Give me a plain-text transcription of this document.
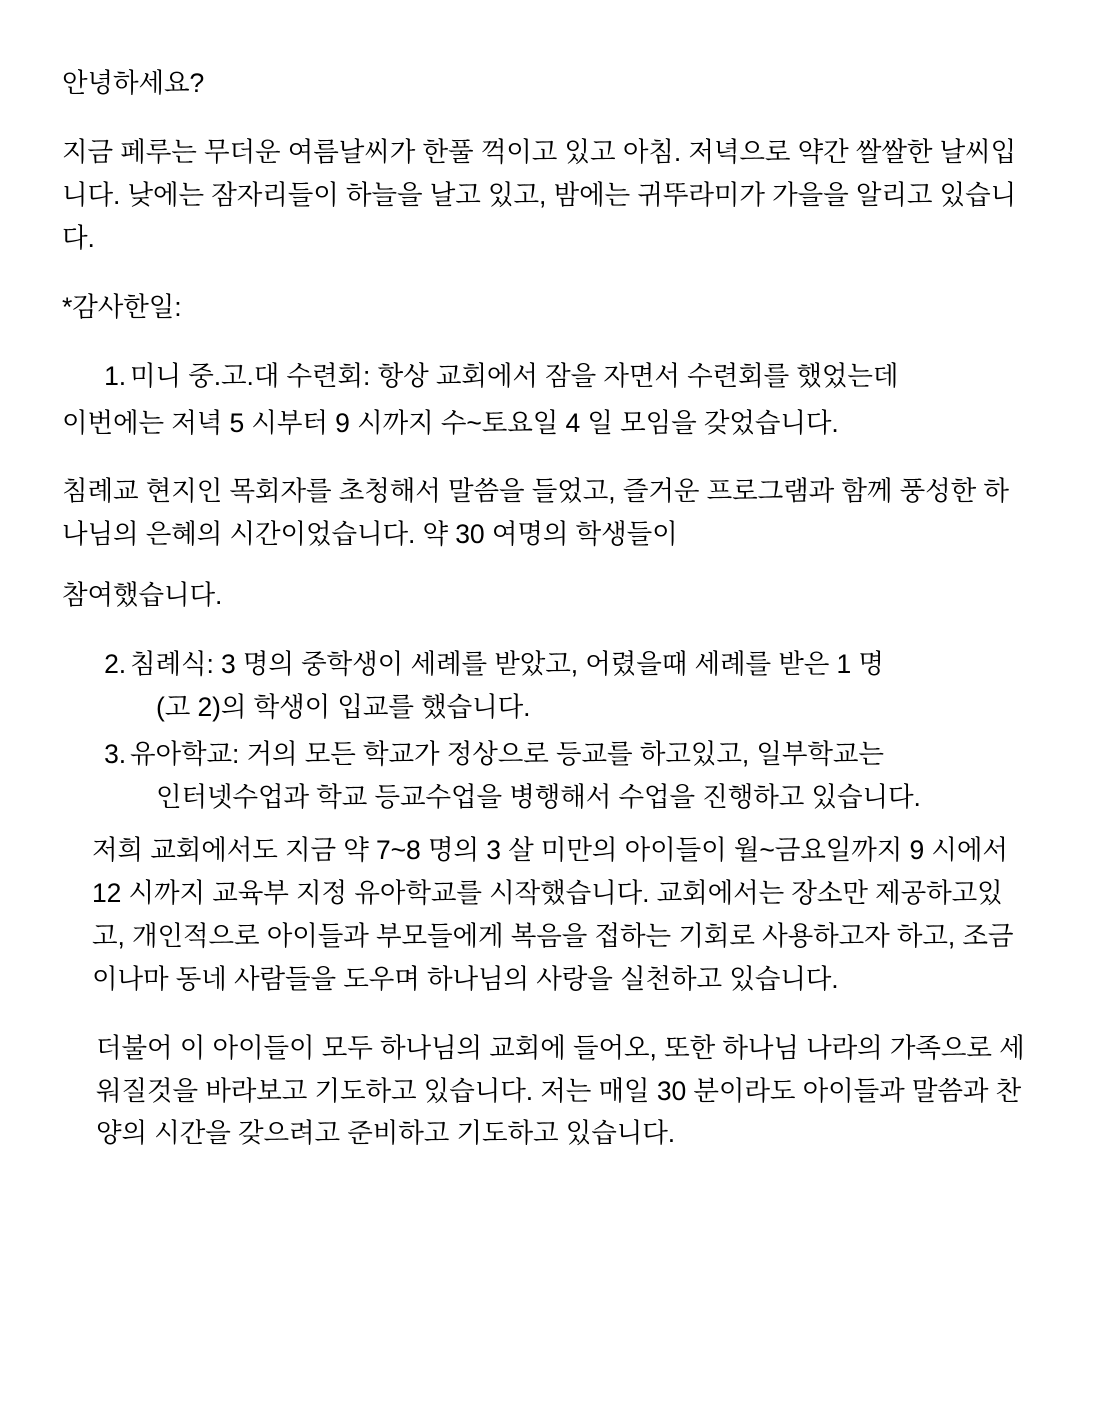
안녕하세요?

지금 페루는 무더운 여름날씨가 한풀 꺽이고 있고 아침. 저녁으로 약간 쌀쌀한 날씨입니다. 낮에는 잠자리들이 하늘을 날고 있고, 밤에는 귀뚜라미가 가을을 알리고 있습니다.

*감사한일:

1. 미니 중.고.대 수련회: 항상 교회에서 잠을 자면서 수련회를 했었는데

이번에는 저녁 5 시부터 9 시까지 수~토요일 4 일 모임을 갖었습니다.

침례교 현지인 목회자를 초청해서 말씀을 들었고, 즐거운 프로그램과 함께 풍성한 하나님의 은혜의 시간이었습니다. 약 30 여명의 학생들이

참여했습니다.

2. 침례식: 3 명의 중학생이 세례를 받았고, 어렸을때 세례를 받은 1 명
(고 2)의 학생이 입교를 했습니다.
3. 유아학교: 거의 모든 학교가 정상으로 등교를 하고있고, 일부학교는
인터넷수업과 학교 등교수업을 병행해서 수업을 진행하고 있습니다.

저희 교회에서도 지금 약 7~8 명의 3 살 미만의 아이들이 월~금요일까지 9 시에서 12 시까지 교육부 지정 유아학교를 시작했습니다. 교회에서는 장소만 제공하고있고, 개인적으로 아이들과 부모들에게 복음을 접하는 기회로 사용하고자 하고, 조금이나마 동네 사람들을 도우며 하나님의 사랑을 실천하고 있습니다.

더불어 이 아이들이 모두 하나님의 교회에 들어오, 또한 하나님 나라의 가족으로 세워질것을 바라보고 기도하고 있습니다. 저는 매일 30 분이라도 아이들과 말씀과 찬양의 시간을 갖으려고 준비하고 기도하고 있습니다.
